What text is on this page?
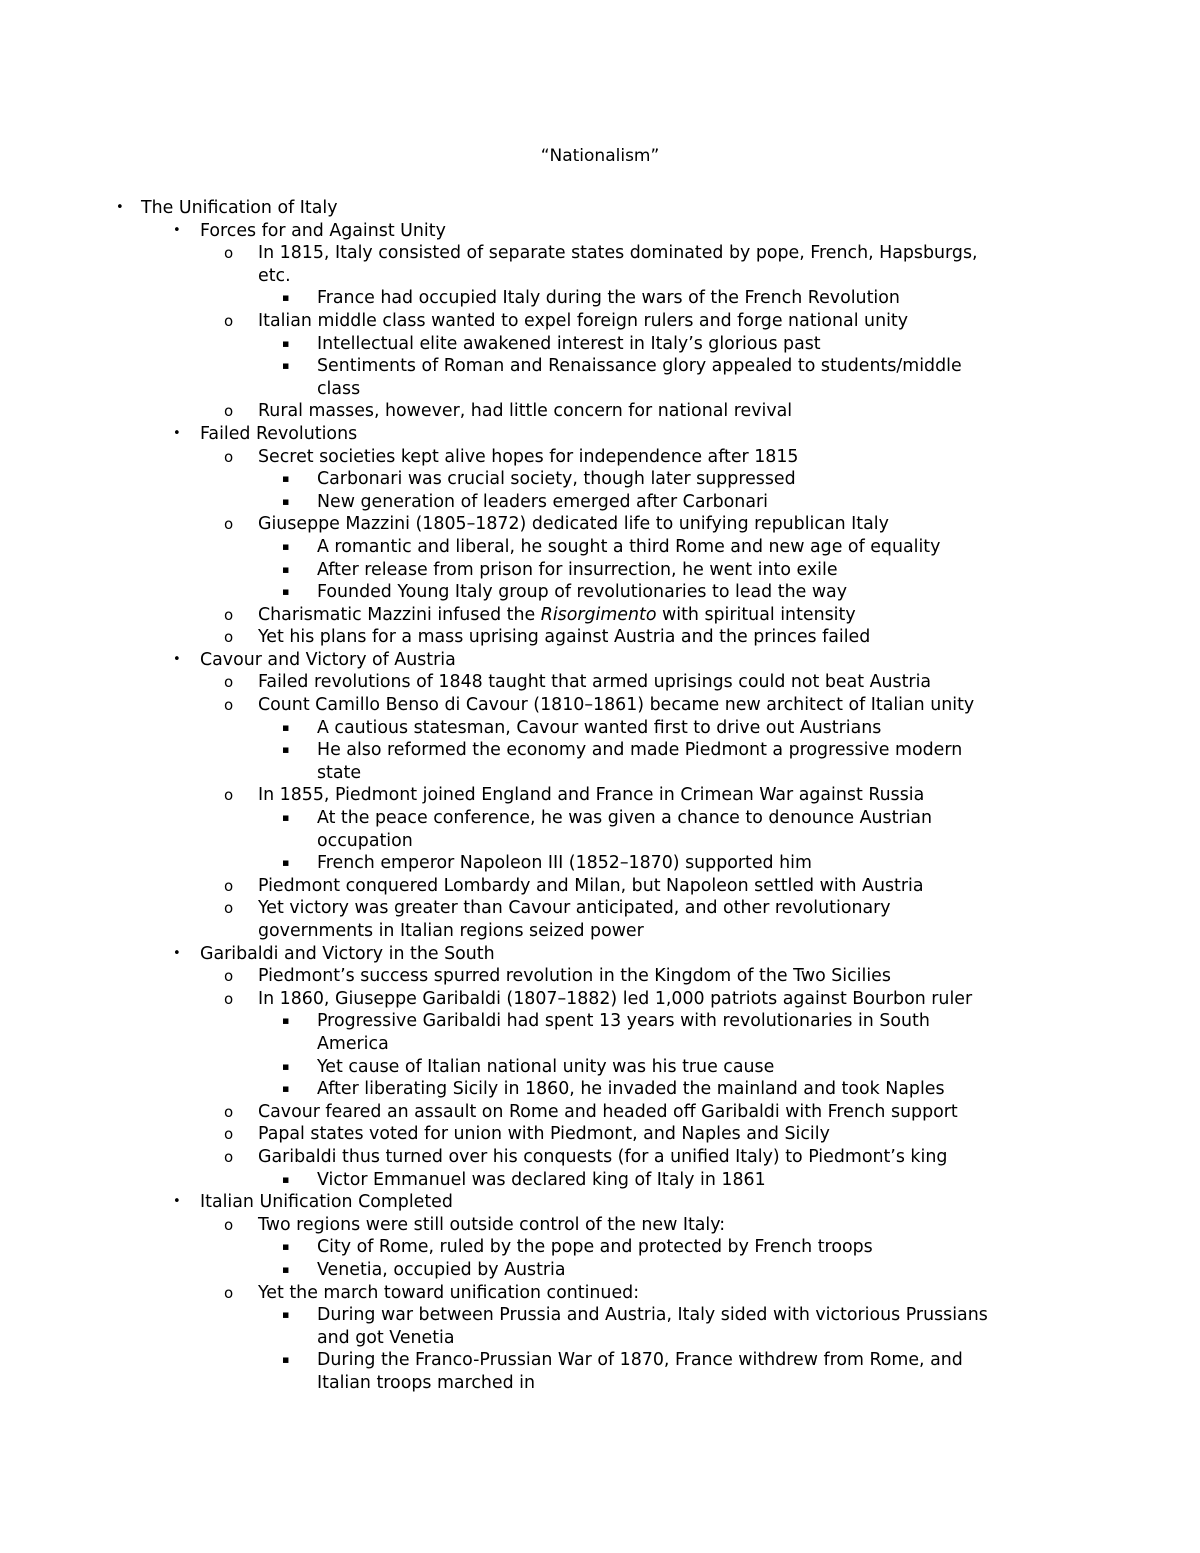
“Nationalism”
• The Unification of Italy
• Forces for and Against Unity
o In 1815, Italy consisted of separate states dominated by pope, French, Hapsburgs,
etc.
▪ France had occupied Italy during the wars of the French Revolution
o Italian middle class wanted to expel foreign rulers and forge national unity
▪ Intellectual elite awakened interest in Italy’s glorious past
▪ Sentiments of Roman and Renaissance glory appealed to students/middle
class
o Rural masses, however, had little concern for national revival
• Failed Revolutions
o Secret societies kept alive hopes for independence after 1815
▪ Carbonari was crucial society, though later suppressed
▪ New generation of leaders emerged after Carbonari
o Giuseppe Mazzini (1805–1872) dedicated life to unifying republican Italy
▪ A romantic and liberal, he sought a third Rome and new age of equality
▪ After release from prison for insurrection, he went into exile
▪ Founded Young Italy group of revolutionaries to lead the way
o Charismatic Mazzini infused the Risorgimento with spiritual intensity
o Yet his plans for a mass uprising against Austria and the princes failed
• Cavour and Victory of Austria
o Failed revolutions of 1848 taught that armed uprisings could not beat Austria
o Count Camillo Benso di Cavour (1810–1861) became new architect of Italian unity
▪ A cautious statesman, Cavour wanted first to drive out Austrians
▪ He also reformed the economy and made Piedmont a progressive modern
state
o In 1855, Piedmont joined England and France in Crimean War against Russia
▪ At the peace conference, he was given a chance to denounce Austrian
occupation
▪ French emperor Napoleon III (1852–1870) supported him
o Piedmont conquered Lombardy and Milan, but Napoleon settled with Austria
o Yet victory was greater than Cavour anticipated, and other revolutionary
governments in Italian regions seized power
• Garibaldi and Victory in the South
o Piedmont’s success spurred revolution in the Kingdom of the Two Sicilies
o In 1860, Giuseppe Garibaldi (1807–1882) led 1,000 patriots against Bourbon ruler
▪ Progressive Garibaldi had spent 13 years with revolutionaries in South
America
▪ Yet cause of Italian national unity was his true cause
▪ After liberating Sicily in 1860, he invaded the mainland and took Naples
o Cavour feared an assault on Rome and headed off Garibaldi with French support
o Papal states voted for union with Piedmont, and Naples and Sicily
o Garibaldi thus turned over his conquests (for a unified Italy) to Piedmont’s king
▪ Victor Emmanuel was declared king of Italy in 1861
• Italian Unification Completed
o Two regions were still outside control of the new Italy:
▪ City of Rome, ruled by the pope and protected by French troops
▪ Venetia, occupied by Austria
o Yet the march toward unification continued:
▪ During war between Prussia and Austria, Italy sided with victorious Prussians
and got Venetia
▪ During the Franco-Prussian War of 1870, France withdrew from Rome, and
Italian troops marched in
